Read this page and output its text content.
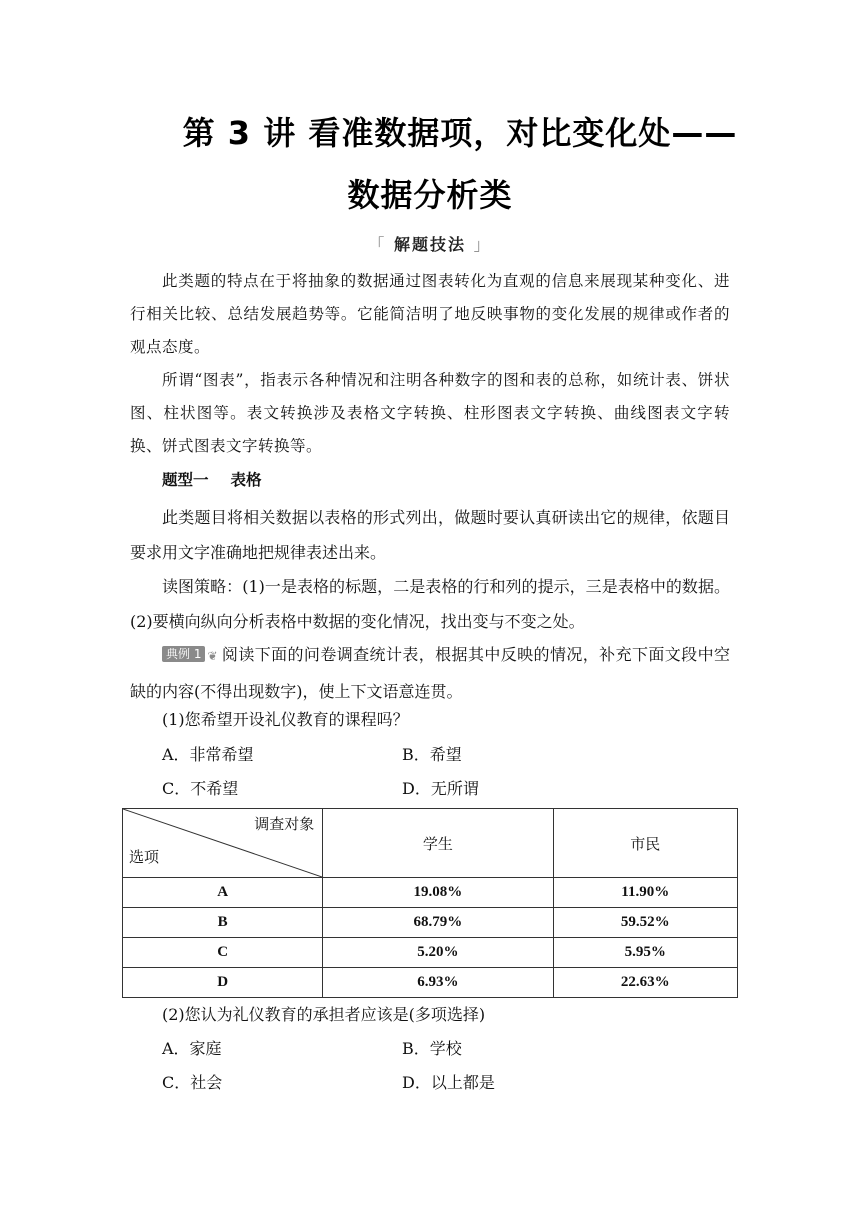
第 3 讲 看准数据项，对比变化处——
数据分析类
「 解题技法 」
此类题的特点在于将抽象的数据通过图表转化为直观的信息来展现某种变化、进行相关比较、总结发展趋势等。它能简洁明了地反映事物的变化发展的规律或作者的观点态度。
所谓“图表”，指表示各种情况和注明各种数字的图和表的总称，如统计表、饼状图、柱状图等。表文转换涉及表格文字转换、柱形图表文字转换、曲线图表文字转换、饼式图表文字转换等。
题型一 表格
此类题目将相关数据以表格的形式列出，做题时要认真研读出它的规律，依题目要求用文字准确地把规律表述出来。
读图策略：(1)一是表格的标题，二是表格的行和列的提示，三是表格中的数据。(2)要横向纵向分析表格中数据的变化情况，找出变与不变之处。
典例 1 ❦ 阅读下面的问卷调查统计表，根据其中反映的情况，补充下面文段中空缺的内容(不得出现数字)，使上下文语意连贯。
(1)您希望开设礼仪教育的课程吗？
A．非常希望	B．希望
C．不希望	D．无所谓
调查对象
选项	学生	市民
A	19.08%	11.90%
B	68.79%	59.52%
C	5.20%	5.95%
D	6.93%	22.63%
(2)您认为礼仪教育的承担者应该是(多项选择)
A．家庭	B．学校
C．社会	D．以上都是
